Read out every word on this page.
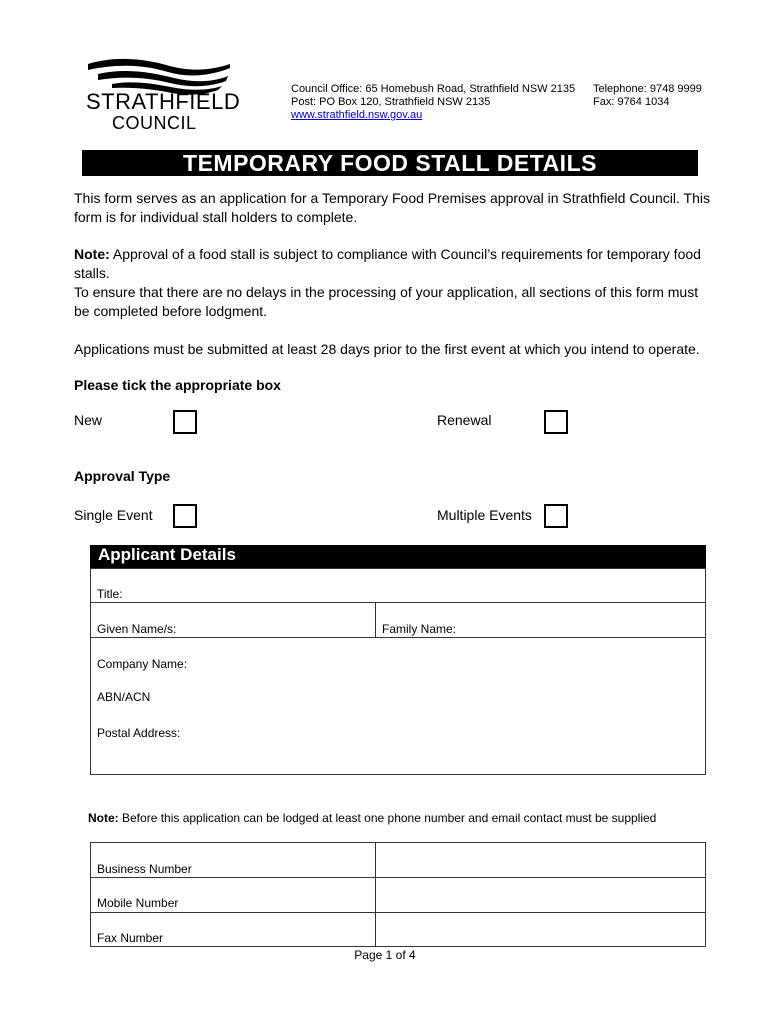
STRATHFIELD
COUNCIL
Council Office: 65 Homebush Road, Strathfield NSW 2135
Post: PO Box 120, Strathfield NSW 2135
www.strathfield.nsw.gov.au
Telephone: 9748 9999
Fax: 9764 1034
TEMPORARY FOOD STALL DETAILS
This form serves as an application for a Temporary Food Premises approval in Strathfield Council. This form is for individual stall holders to complete.
Note: Approval of a food stall is subject to compliance with Council’s requirements for temporary food stalls.
To ensure that there are no delays in the processing of your application, all sections of this form must be completed before lodgment.
Applications must be submitted at least 28 days prior to the first event at which you intend to operate.
Please tick the appropriate box
New	Renewal
Approval Type
Single Event	Multiple Events
Applicant Details
Title:
Given Name/s:	Family Name:
Company Name:
ABN/ACN
Postal Address:
Note: Before this application can be lodged at least one phone number and email contact must be supplied
Business Number
Mobile Number
Fax Number
Page 1 of 4
